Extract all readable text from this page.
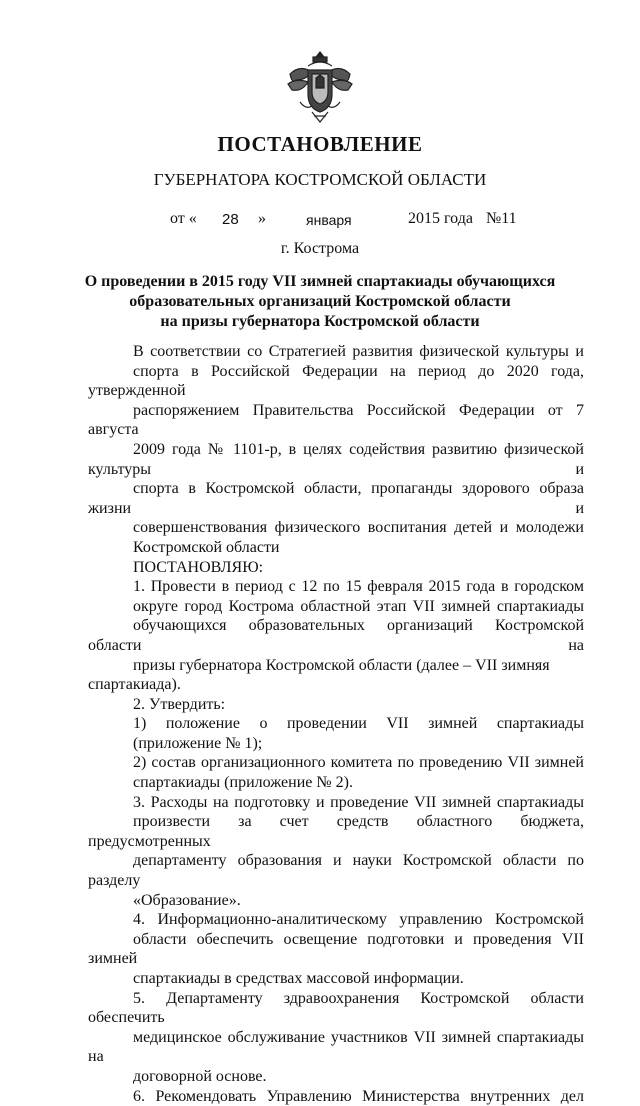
ПОСТАНОВЛЕНИЕ
ГУБЕРНАТОРА КОСТРОМСКОЙ ОБЛАСТИ
от « 28 »	января	2015 года №11
г. Кострома
О проведении в 2015 году VII зимней спартакиады обучающихся
образовательных организаций Костромской области
на призы губернатора Костромской области

В соответствии со Стратегией развития физической культуры и
спорта в Российской Федерации на период до 2020 года, утвержденной
распоряжением Правительства Российской Федерации от 7 августа
2009 года № 1101-р, в целях содействия развитию физической культуры и
спорта в Костромской области, пропаганды здорового образа жизни и
совершенствования физического воспитания детей и молодежи
Костромской области

ПОСТАНОВЛЯЮ:

1. Провести в период с 12 по 15 февраля 2015 года в городском
округе город Кострома областной этап VII зимней спартакиады
обучающихся образовательных организаций Костромской области на
призы губернатора Костромской области (далее – VII зимняя спартакиада).

2. Утвердить:

1) положение о проведении VII зимней спартакиады
(приложение № 1);

2) состав организационного комитета по проведению VII зимней
спартакиады (приложение № 2).

3. Расходы на подготовку и проведение VII зимней спартакиады
произвести за счет средств областного бюджета, предусмотренных
департаменту образования и науки Костромской области по разделу
«Образование».

4. Информационно-аналитическому управлению Костромской
области обеспечить освещение подготовки и проведения VII зимней
спартакиады в средствах массовой информации.

5. Департаменту здравоохранения Костромской области обеспечить
медицинское обслуживание участников VII зимней спартакиады на
договорной основе.

6. Рекомендовать Управлению Министерства внутренних дел
